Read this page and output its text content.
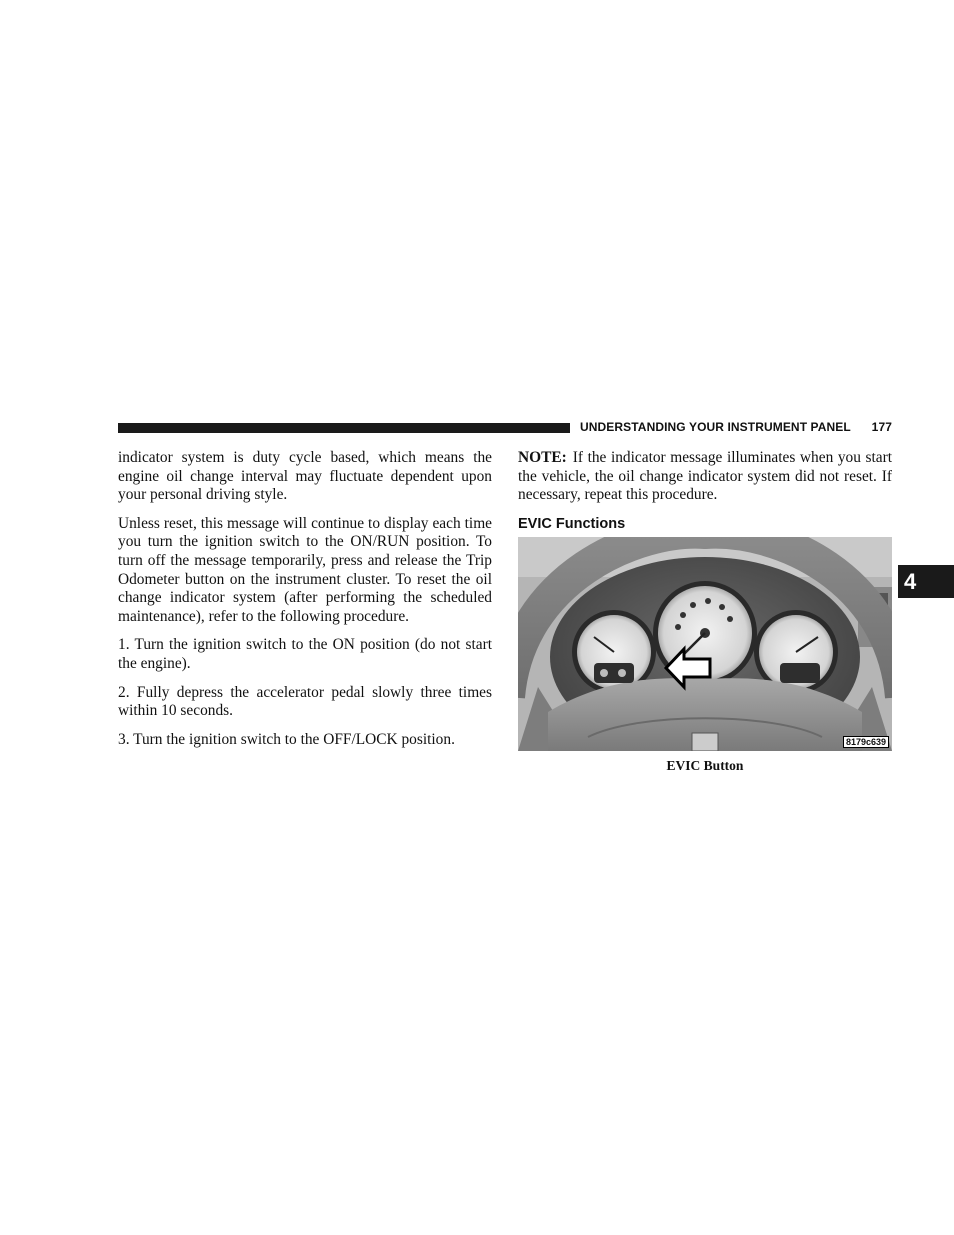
UNDERSTANDING YOUR INSTRUMENT PANEL 177
4

indicator system is duty cycle based, which means the engine oil change interval may fluctuate dependent upon your personal driving style.

Unless reset, this message will continue to display each time you turn the ignition switch to the ON/RUN position. To turn off the message temporarily, press and release the Trip Odometer button on the instrument cluster. To reset the oil change indicator system (after performing the scheduled maintenance), refer to the following procedure.

1. Turn the ignition switch to the ON position (do not start the engine).

2. Fully depress the accelerator pedal slowly three times within 10 seconds.

3. Turn the ignition switch to the OFF/LOCK position.

NOTE: If the indicator message illuminates when you start the vehicle, the oil change indicator system did not reset. If necessary, repeat this procedure.

EVIC Functions
8179c639
EVIC Button
